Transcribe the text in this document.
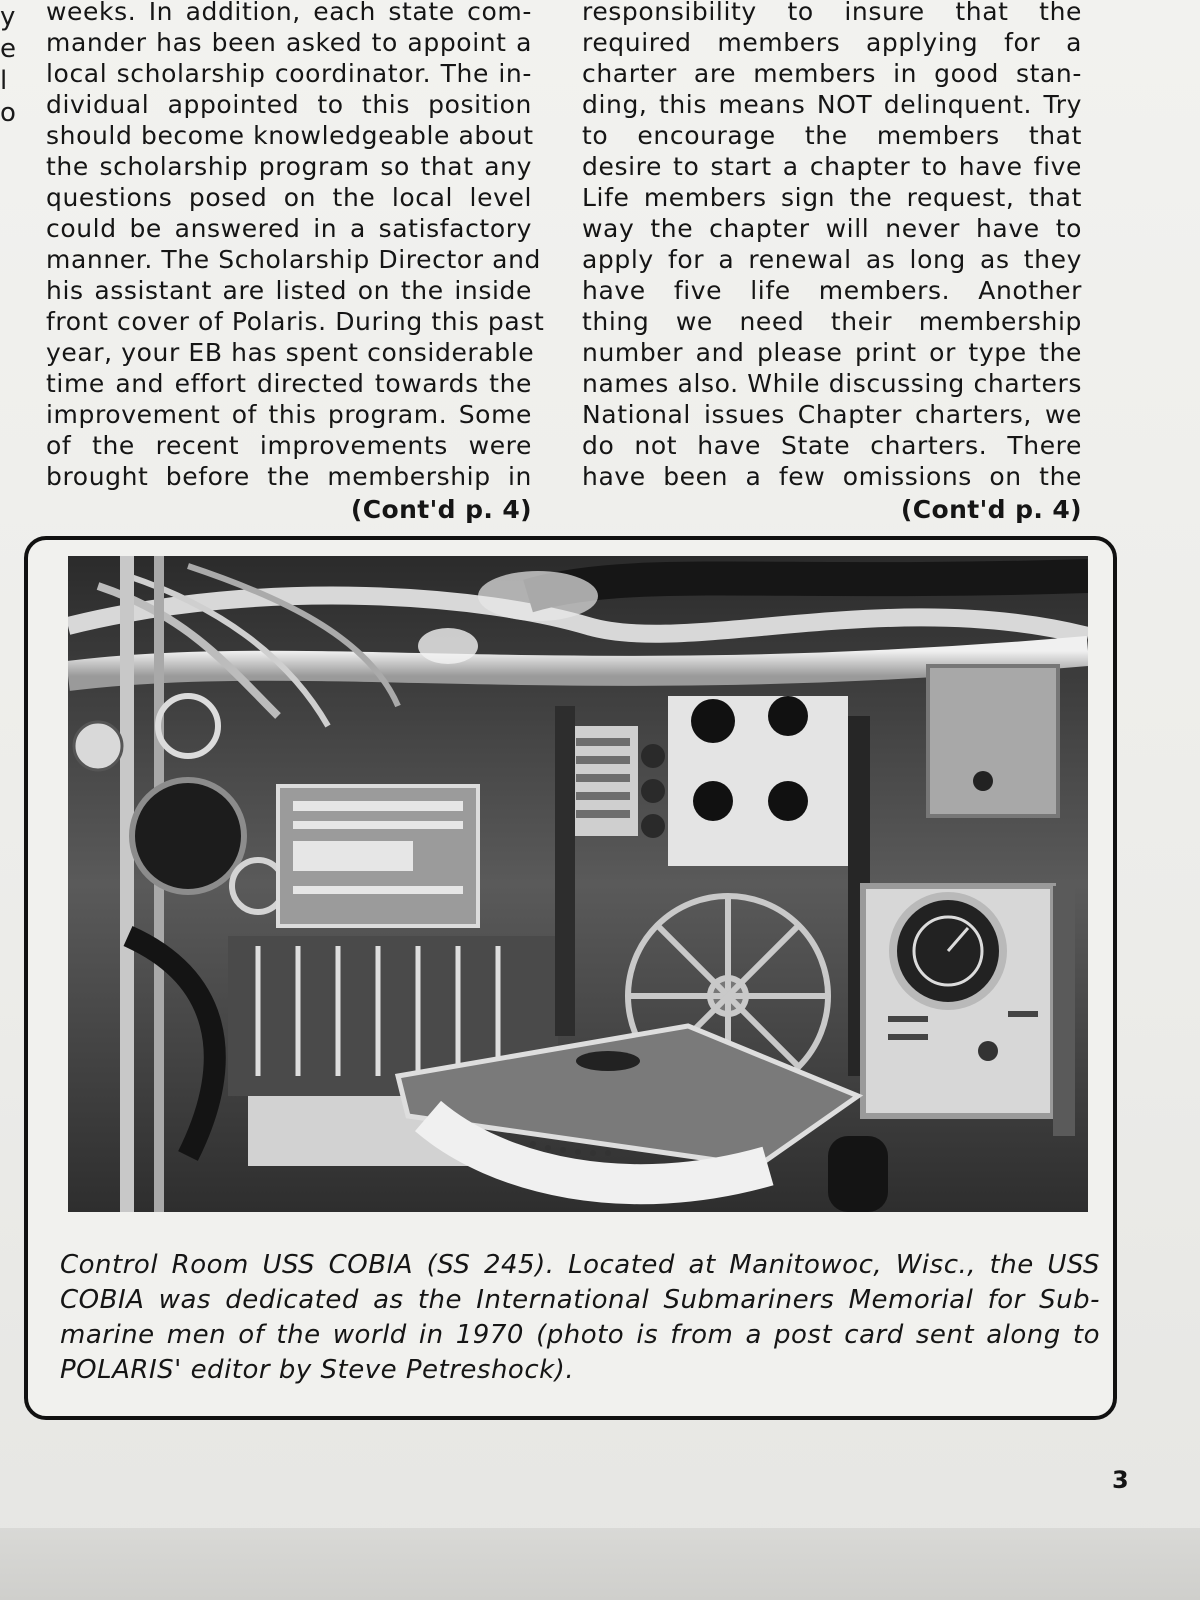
y
e
l
o
weeks. In addition, each state com-
mander has been asked to appoint a
local scholarship coordinator. The in-
dividual appointed to this position
should become knowledgeable about
the scholarship program so that any
questions posed on the local level
could be answered in a satisfactory
manner. The Scholarship Director and
his assistant are listed on the inside
front cover of Polaris. During this past
year, your EB has spent considerable
time and effort directed towards the
improvement of this program. Some
of the recent improvements were
brought before the membership in
(Cont'd p. 4)
responsibility to insure that the
required members applying for a
charter are members in good stan-
ding, this means NOT delinquent. Try
to encourage the members that
desire to start a chapter to have five
Life members sign the request, that
way the chapter will never have to
apply for a renewal as long as they
have five life members. Another
thing we need their membership
number and please print or type the
names also. While discussing charters
National issues Chapter charters, we
do not have State charters. There
have been a few omissions on the
(Cont'd p. 4)
Control Room USS COBIA (SS 245). Located at Manitowoc, Wisc., the USS
COBIA was dedicated as the International Submariners Memorial for Sub-
marine men of the world in 1970 (photo is from a post card sent along to
POLARIS' editor by Steve Petreshock).
3
